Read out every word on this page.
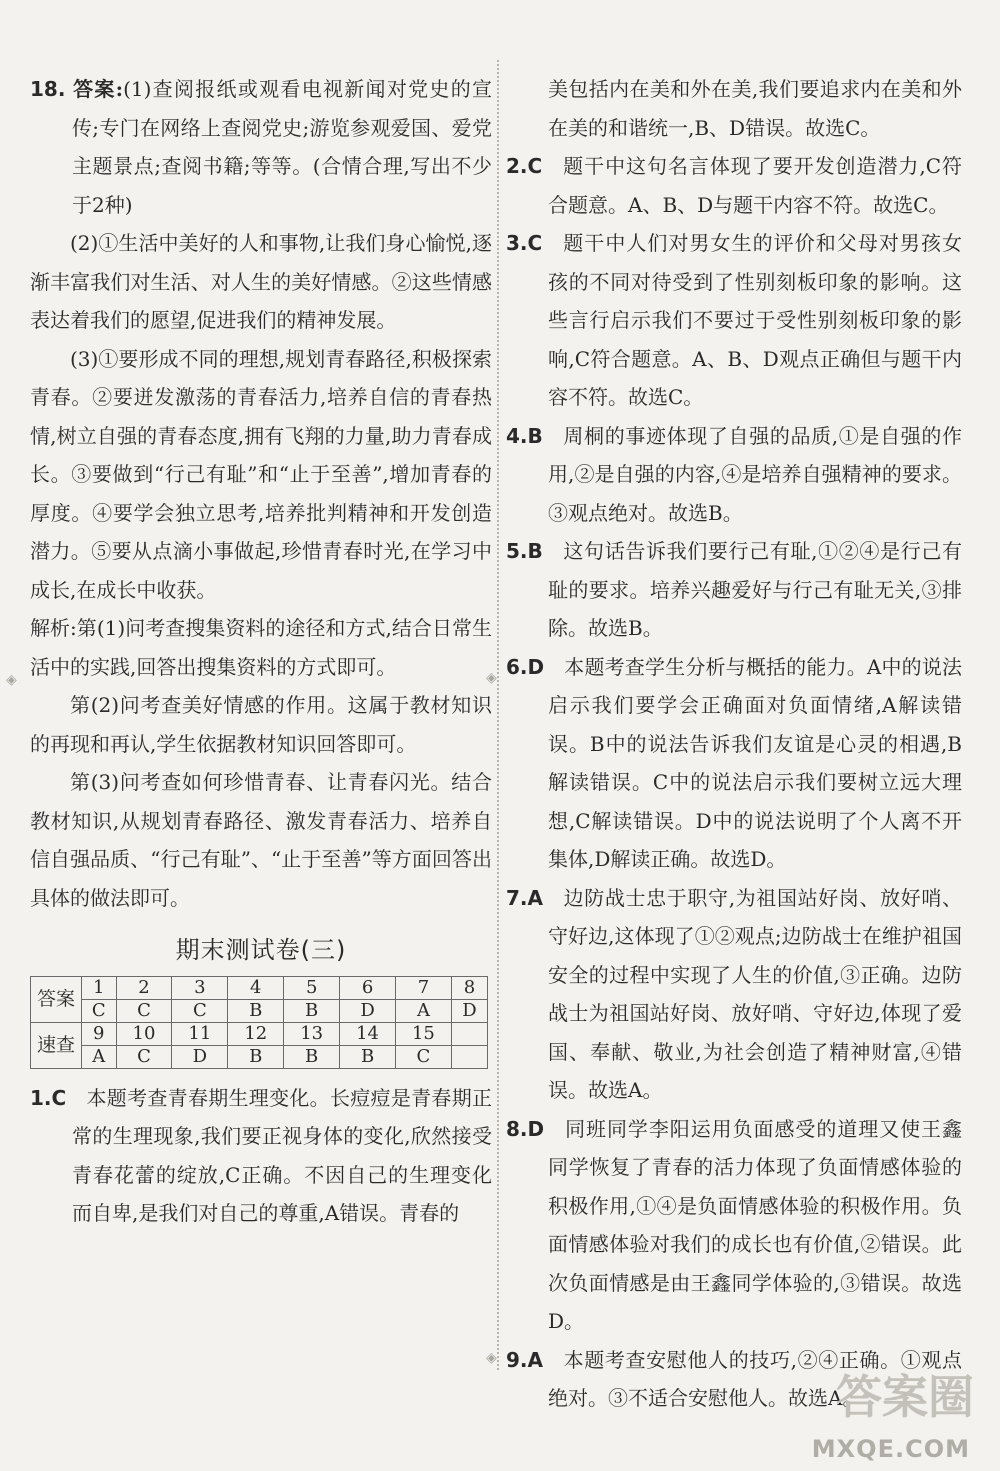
◈
◈
◈

18. 答案:(1)查阅报纸或观看电视新闻对党史的宣传;专门在网络上查阅党史;游览参观爱国、爱党主题景点;查阅书籍;等等。(合情合理,写出不少于2种)

(2)①生活中美好的人和事物,让我们身心愉悦,逐渐丰富我们对生活、对人生的美好情感。②这些情感表达着我们的愿望,促进我们的精神发展。

(3)①要形成不同的理想,规划青春路径,积极探索青春。②要迸发激荡的青春活力,培养自信的青春热情,树立自强的青春态度,拥有飞翔的力量,助力青春成长。③要做到“行己有耻”和“止于至善”,增加青春的厚度。④要学会独立思考,培养批判精神和开发创造潜力。⑤要从点滴小事做起,珍惜青春时光,在学习中成长,在成长中收获。

解析:第(1)问考查搜集资料的途径和方式,结合日常生活中的实践,回答出搜集资料的方式即可。

第(2)问考查美好情感的作用。这属于教材知识的再现和再认,学生依据教材知识回答即可。

第(3)问考查如何珍惜青春、让青春闪光。结合教材知识,从规划青春路径、激发青春活力、培养自信自强品质、“行己有耻”、“止于至善”等方面回答出具体的做法即可。

期末测试卷(三)
答案	1	2	3	4	5	6	7	8
	C	C	C	B	B	D	A	D
速查	9	10	11	12	13	14	15	
	A	C	D	B	B	B	C	

1.C  本题考查青春期生理变化。长痘痘是青春期正常的生理现象,我们要正视身体的变化,欣然接受青春花蕾的绽放,C正确。不因自己的生理变化而自卑,是我们对自己的尊重,A错误。青春的

美包括内在美和外在美,我们要追求内在美和外在美的和谐统一,B、D错误。故选C。

2.C  题干中这句名言体现了要开发创造潜力,C符合题意。A、B、D与题干内容不符。故选C。

3.C  题干中人们对男女生的评价和父母对男孩女孩的不同对待受到了性别刻板印象的影响。这些言行启示我们不要过于受性别刻板印象的影响,C符合题意。A、B、D观点正确但与题干内容不符。故选C。

4.B  周桐的事迹体现了自强的品质,①是自强的作用,②是自强的内容,④是培养自强精神的要求。③观点绝对。故选B。

5.B  这句话告诉我们要行己有耻,①②④是行己有耻的要求。培养兴趣爱好与行己有耻无关,③排除。故选B。

6.D  本题考查学生分析与概括的能力。A中的说法启示我们要学会正确面对负面情绪,A解读错误。B中的说法告诉我们友谊是心灵的相遇,B解读错误。C中的说法启示我们要树立远大理想,C解读错误。D中的说法说明了个人离不开集体,D解读正确。故选D。

7.A  边防战士忠于职守,为祖国站好岗、放好哨、守好边,这体现了①②观点;边防战士在维护祖国安全的过程中实现了人生的价值,③正确。边防战士为祖国站好岗、放好哨、守好边,体现了爱国、奉献、敬业,为社会创造了精神财富,④错误。故选A。

8.D  同班同学李阳运用负面感受的道理又使王鑫同学恢复了青春的活力体现了负面情感体验的积极作用,①④是负面情感体验的积极作用。负面情感体验对我们的成长也有价值,②错误。此次负面情感是由王鑫同学体验的,③错误。故选D。

9.A  本题考查安慰他人的技巧,②④正确。①观点绝对。③不适合安慰他人。故选A。

答案圈
MXQE.COM
